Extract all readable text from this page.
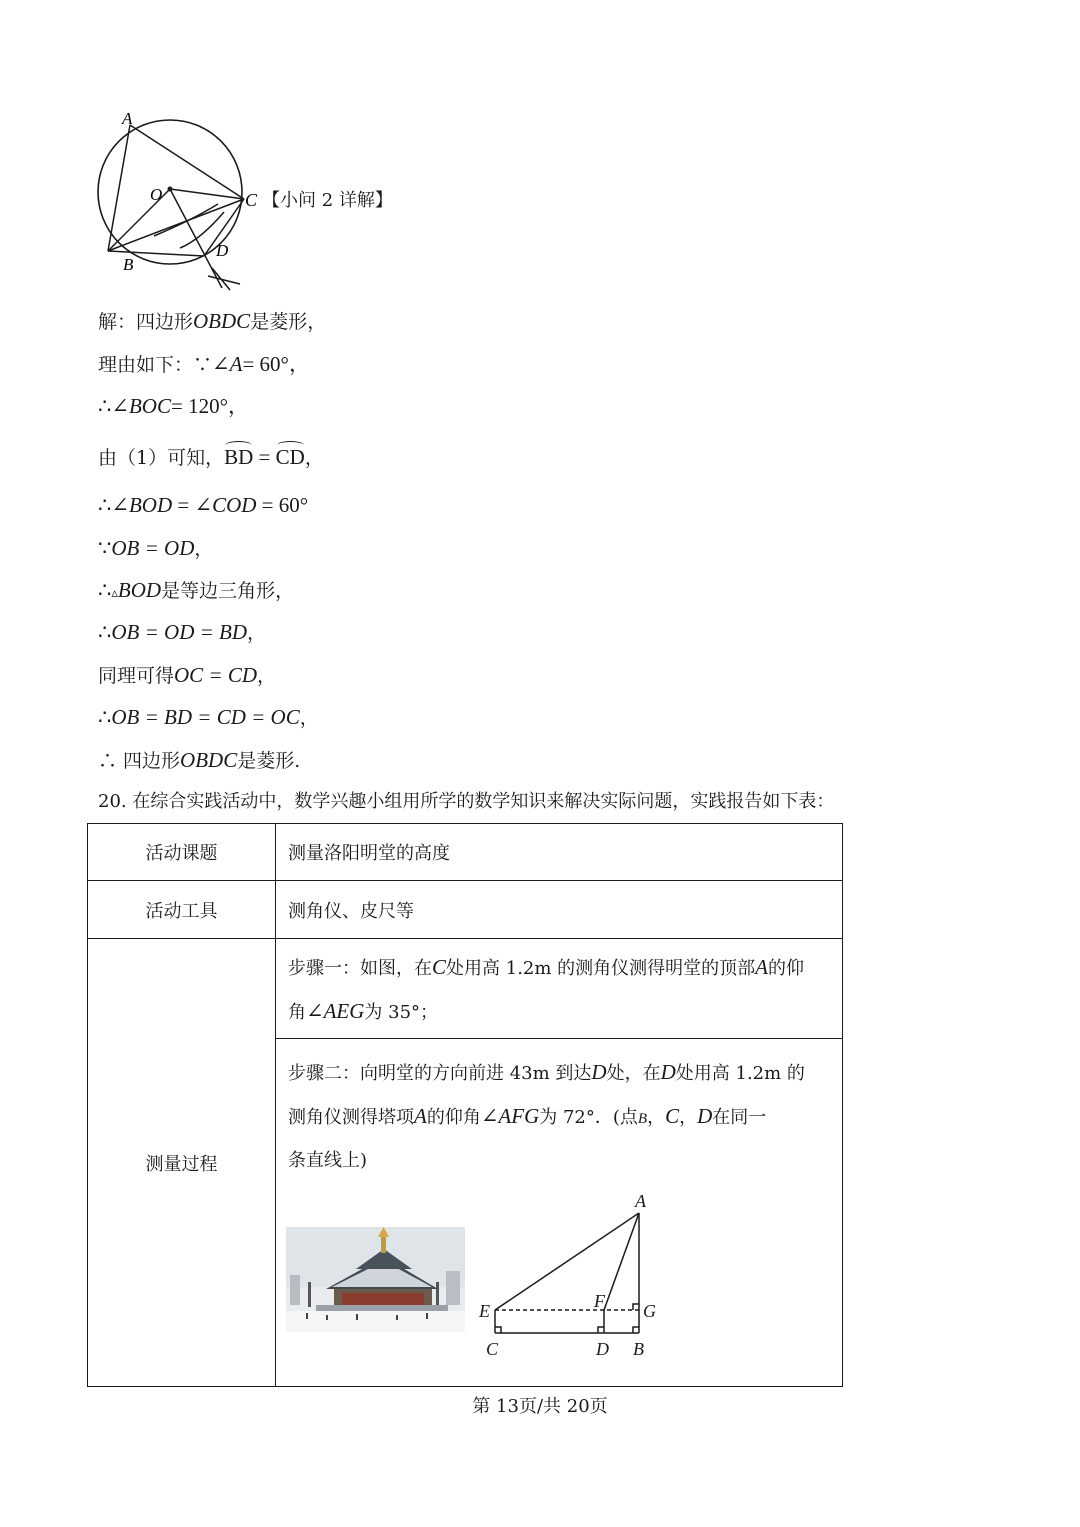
A
O	C
B
D
【小问 2 详解】
解：四边形OBDC是菱形，
理由如下：∵∠A= 60°，
∴∠BOC= 120°，
由（1）可知，BD = CD，
∴∠BOD = ∠COD = 60°
∵OB = OD，
∴▵BOD是等边三角形，
∴OB = OD = BD，
同理可得OC = CD，
∴OB = BD = CD = OC，
∴ 四边形OBDC是菱形.
20. 在综合实践活动中，数学兴趣小组用所学的数学知识来解决实际问题，实践报告如下表：
活动课题	测量洛阳明堂的高度
活动工具	测角仪、皮尺等
测量过程	步骤一：如图，在C处用高 1.2m 的测角仪测得明堂的顶部A的仰
角∠AEG为 35°；

	步骤二：向明堂的方向前进 43m 到达D处，在D处用高 1.2m 的
测角仪测得塔项A的仰角∠AFG为 72°．(点B，C，D在同一
条直线上)
A
E	F G
C	D B
第 13页/共 20页
